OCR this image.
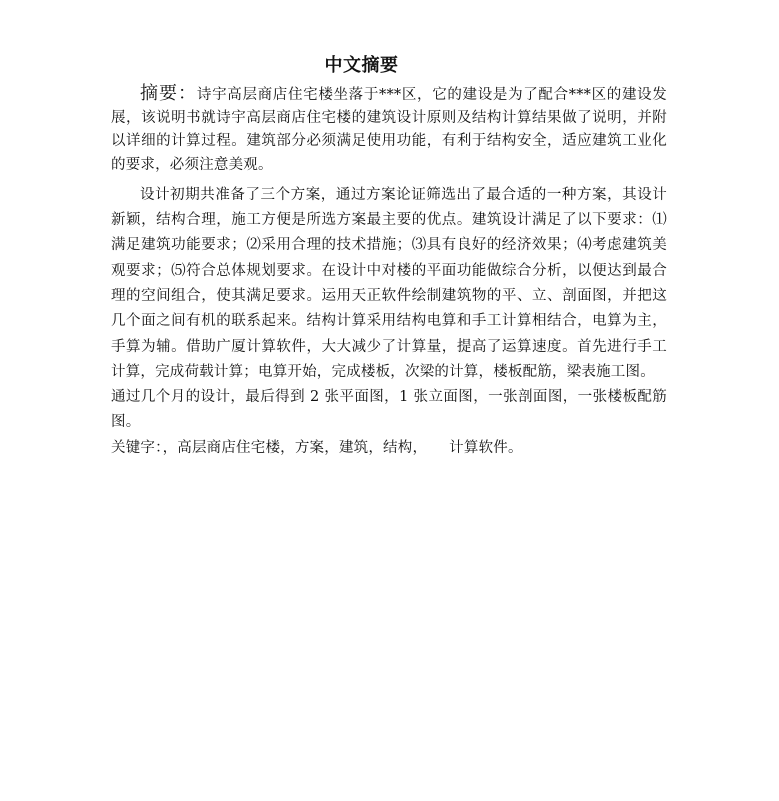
中文摘要

摘要：诗宇高层商店住宅楼坐落于***区，它的建设是为了配合***区的建设发展，该说明书就诗宇高层商店住宅楼的建筑设计原则及结构计算结果做了说明，并附以详细的计算过程。建筑部分必须满足使用功能，有利于结构安全，适应建筑工业化的要求，必须注意美观。

设计初期共准备了三个方案，通过方案论证筛选出了最合适的一种方案，其设计新颖，结构合理，施工方便是所选方案最主要的优点。建筑设计满足了以下要求：⑴满足建筑功能要求；⑵采用合理的技术措施；⑶具有良好的经济效果；⑷考虑建筑美观要求；⑸符合总体规划要求。在设计中对楼的平面功能做综合分析，以便达到最合理的空间组合，使其满足要求。运用天正软件绘制建筑物的平、立、剖面图，并把这几个面之间有机的联系起来。结构计算采用结构电算和手工计算相结合，电算为主，手算为辅。借助广厦计算软件，大大减少了计算量，提高了运算速度。首先进行手工计算，完成荷载计算；电算开始，完成楼板，次梁的计算，楼板配筋，梁表施工图。

通过几个月的设计，最后得到 2 张平面图，1 张立面图，一张剖面图，一张楼板配筋图。

关键字：，高层商店住宅楼，方案，建筑，结构， 计算软件。
